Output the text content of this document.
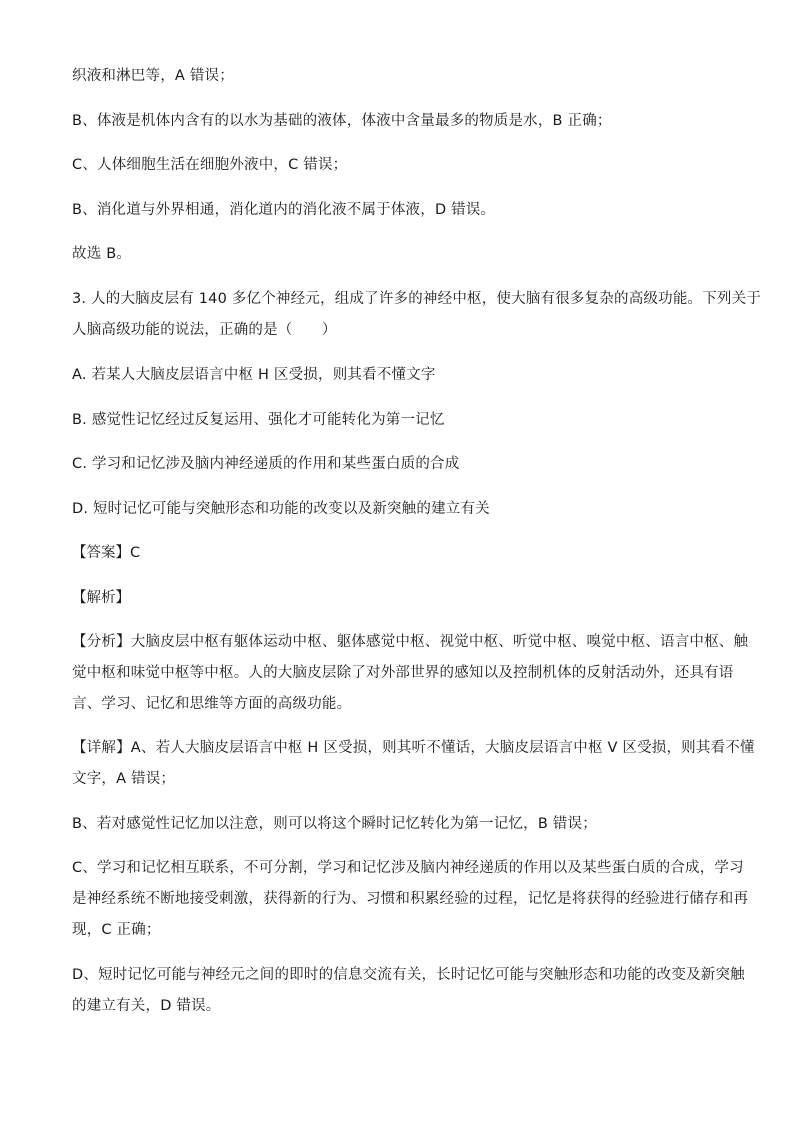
织液和淋巴等，A 错误；
B、体液是机体内含有的以水为基础的液体，体液中含量最多的物质是水，B 正确；
C、人体细胞生活在细胞外液中，C 错误；
B、消化道与外界相通，消化道内的消化液不属于体液，D 错误。
故选 B。
3. 人的大脑皮层有 140 多亿个神经元，组成了许多的神经中枢，使大脑有很多复杂的高级功能。下列关于
人脑高级功能的说法，正确的是（　　）
A. 若某人大脑皮层语言中枢 H 区受损，则其看不懂文字
B. 感觉性记忆经过反复运用、强化才可能转化为第一记忆
C. 学习和记忆涉及脑内神经递质的作用和某些蛋白质的合成
D. 短时记忆可能与突触形态和功能的改变以及新突触的建立有关
【答案】C
【解析】
【分析】大脑皮层中枢有躯体运动中枢、躯体感觉中枢、视觉中枢、听觉中枢、嗅觉中枢、语言中枢、触
觉中枢和味觉中枢等中枢。人的大脑皮层除了对外部世界的感知以及控制机体的反射活动外，还具有语
言、学习、记忆和思维等方面的高级功能。
【详解】A、若人大脑皮层语言中枢 H 区受损，则其听不懂话，大脑皮层语言中枢 V 区受损，则其看不懂
文字，A 错误；
B、若对感觉性记忆加以注意，则可以将这个瞬时记忆转化为第一记忆，B 错误；
C、学习和记忆相互联系，不可分割，学习和记忆涉及脑内神经递质的作用以及某些蛋白质的合成，学习
是神经系统不断地接受刺激，获得新的行为、习惯和积累经验的过程，记忆是将获得的经验进行储存和再
现，C 正确；
D、短时记忆可能与神经元之间的即时的信息交流有关，长时记忆可能与突触形态和功能的改变及新突触
的建立有关，D 错误。
